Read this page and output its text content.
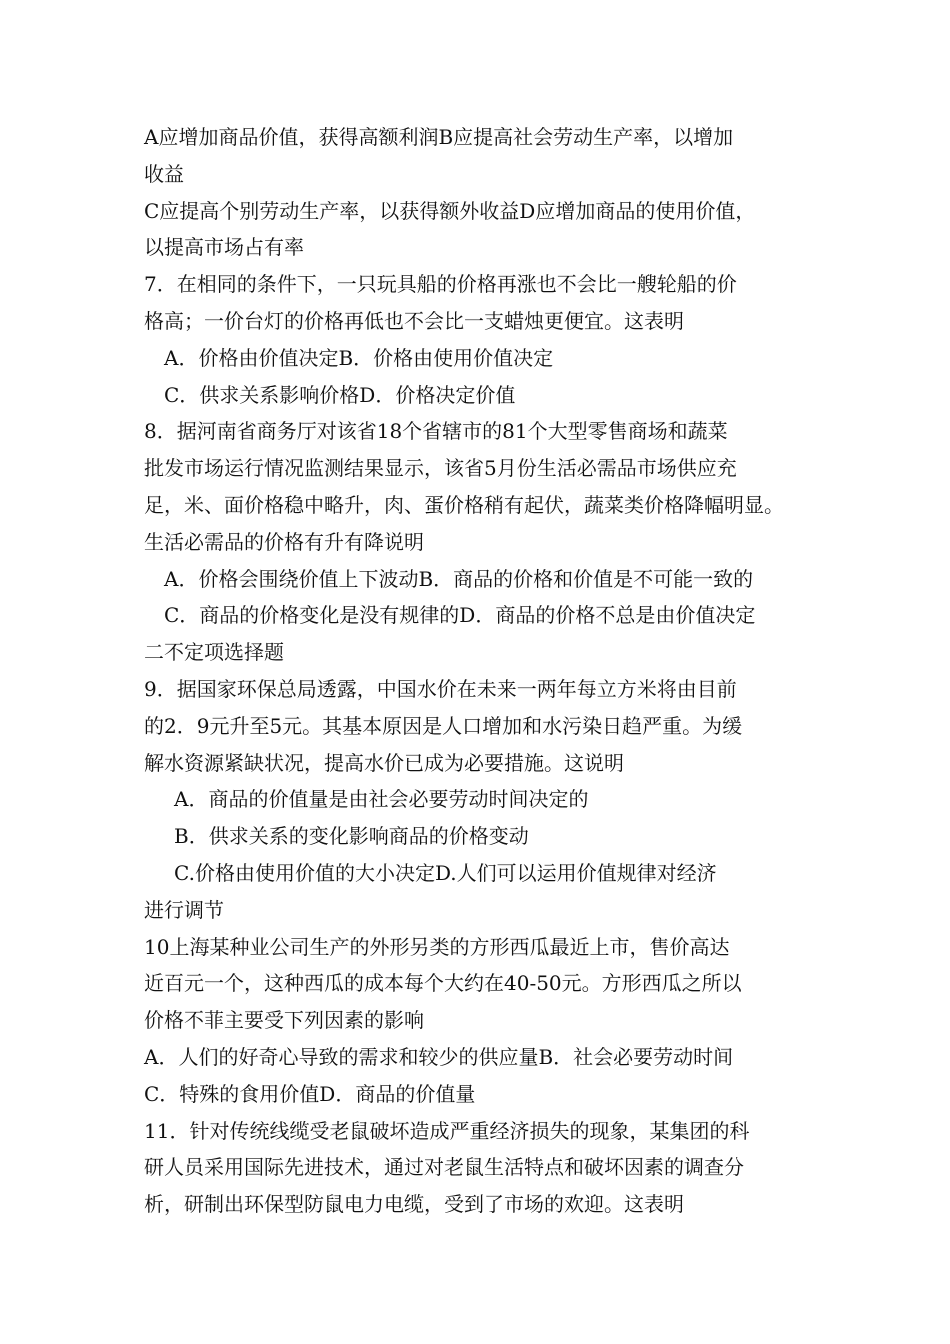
A应增加商品价值，获得高额利润B应提高社会劳动生产率，以增加
收益
C应提高个别劳动生产率，以获得额外收益D应增加商品的使用价值，
以提高市场占有率
7．在相同的条件下，一只玩具船的价格再涨也不会比一艘轮船的价
格高；一价台灯的价格再低也不会比一支蜡烛更便宜。这表明
A．价格由价值决定B．价格由使用价值决定
C．供求关系影响价格D．价格决定价值
8．据河南省商务厅对该省18个省辖市的81个大型零售商场和蔬菜
批发市场运行情况监测结果显示，该省5月份生活必需品市场供应充
足，米、面价格稳中略升，肉、蛋价格稍有起伏，蔬菜类价格降幅明显。
生活必需品的价格有升有降说明
A．价格会围绕价值上下波动B．商品的价格和价值是不可能一致的
C．商品的价格变化是没有规律的D．商品的价格不总是由价值决定
二不定项选择题
9．据国家环保总局透露，中国水价在未来一两年每立方米将由目前
的2．9元升至5元。其基本原因是人口增加和水污染日趋严重。为缓
解水资源紧缺状况，提高水价已成为必要措施。这说明
A．商品的价值量是由社会必要劳动时间决定的
B．供求关系的变化影响商品的价格变动
C.价格由使用价值的大小决定D.人们可以运用价值规律对经济
进行调节
10上海某种业公司生产的外形另类的方形西瓜最近上市，售价高达
近百元一个，这种西瓜的成本每个大约在40-50元。方形西瓜之所以
价格不菲主要受下列因素的影响
A．人们的好奇心导致的需求和较少的供应量B．社会必要劳动时间
C．特殊的食用价值D．商品的价值量
11．针对传统线缆受老鼠破坏造成严重经济损失的现象，某集团的科
研人员采用国际先进技术，通过对老鼠生活特点和破坏因素的调查分
析，研制出环保型防鼠电力电缆，受到了市场的欢迎。这表明
